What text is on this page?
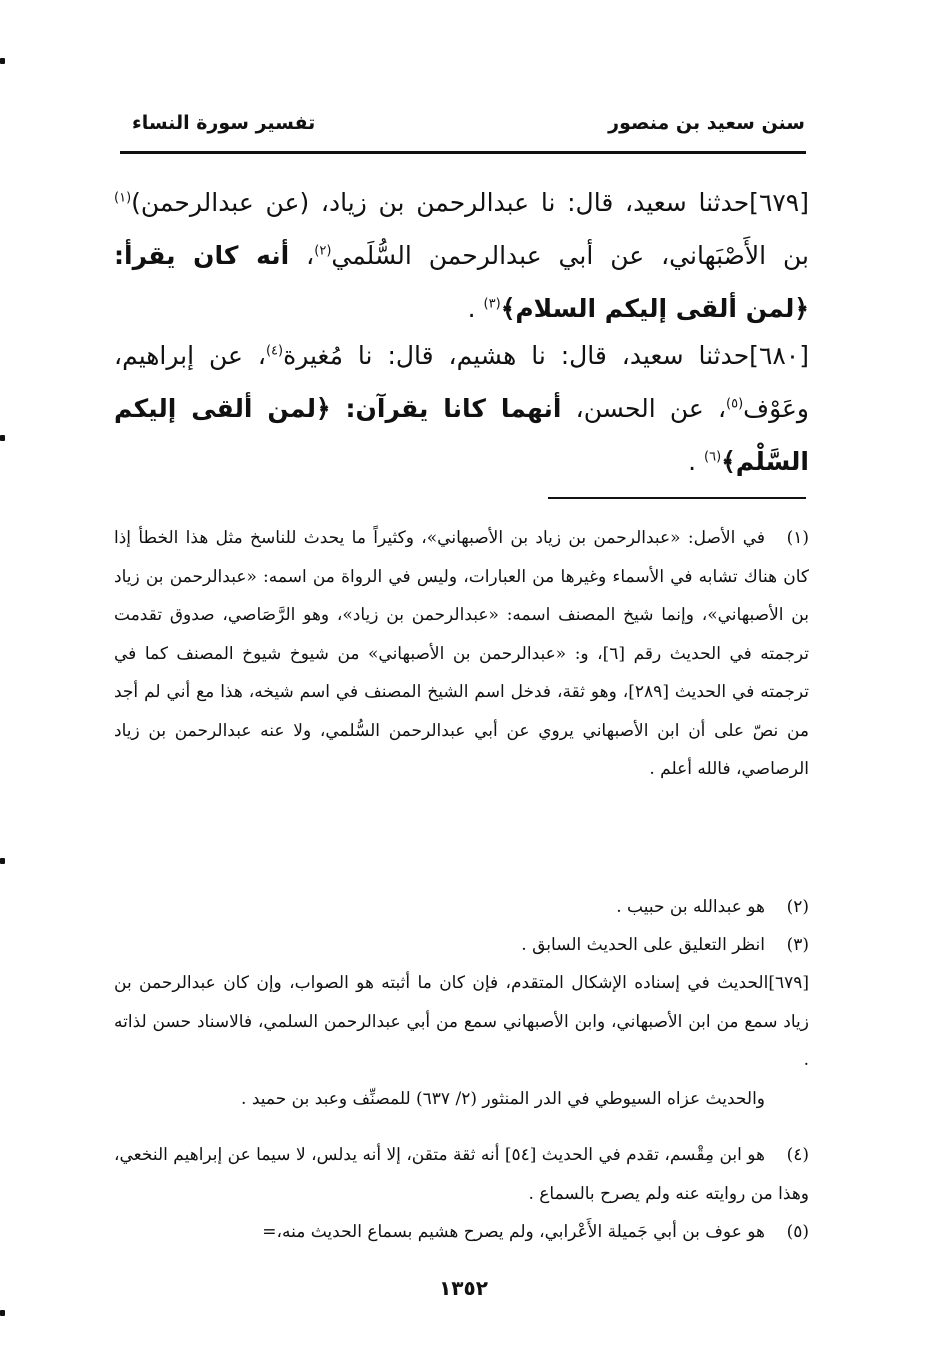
سنن سعيد بن منصور
تفسير سورة النساء
[٦٧٩]حدثنا سعيد، قال: نا عبدالرحمن بن زياد، (عن عبدالرحمن)$^{(١)}$ بن الأَصْبَهاني، عن أبي عبدالرحمن السُّلَمي$^{(٢)}$، أنه كان يقرأ: ﴿لمن ألقى إليكم السلام﴾$^{(٣)}$ .
[٦٨٠]حدثنا سعيد، قال: نا هشيم، قال: نا مُغيرة$^{(٤)}$، عن إبراهيم، وعَوْف$^{(٥)}$، عن الحسن، أنهما كانا يقرآن: ﴿لمن ألقى إليكم السَّلْم﴾$^{(٦)}$ .

(١)في الأصل: «عبدالرحمن بن زياد بن الأصبهاني»، وكثيراً ما يحدث للناسخ مثل هذا الخطأ إذا كان هناك تشابه في الأسماء وغيرها من العبارات، وليس في الرواة من اسمه: «عبدالرحمن بن زياد بن الأصبهاني»، وإنما شيخ المصنف اسمه: «عبدالرحمن بن زياد»، وهو الرَّصَاصي، صدوق تقدمت ترجمته في الحديث رقم [٦]، و: «عبدالرحمن بن الأصبهاني» من شيوخ شيوخ المصنف كما في ترجمته في الحديث [٢٨٩]، وهو ثقة، فدخل اسم الشيخ المصنف في اسم شيخه، هذا مع أني لم أجد من نصّ على أن ابن الأصبهاني يروي عن أبي عبدالرحمن السُّلمي، ولا عنه عبدالرحمن بن زياد الرصاصي، فالله أعلم .

(٢)هو عبدالله بن حبيب .

(٣)انظر التعليق على الحديث السابق .

[٦٧٩]الحديث في إسناده الإشكال المتقدم، فإن كان ما أثبته هو الصواب، وإن كان عبدالرحمن بن زياد سمع من ابن الأصبهاني، وابن الأصبهاني سمع من أبي عبدالرحمن السلمي، فالاسناد حسن لذاته .

والحديث عزاه السيوطي في الدر المنثور (٢/ ٦٣٧) للمصنِّف وعبد بن حميد .

(٤)هو ابن مِقْسم، تقدم في الحديث [٥٤] أنه ثقة متقن، إلا أنه يدلس، لا سيما عن إبراهيم النخعي، وهذا من روايته عنه ولم يصرح بالسماع .

(٥)هو عوف بن أبي جَميلة الأَعْرابي، ولم يصرح هشيم بسماع الحديث منه،=

١٣٥٢
